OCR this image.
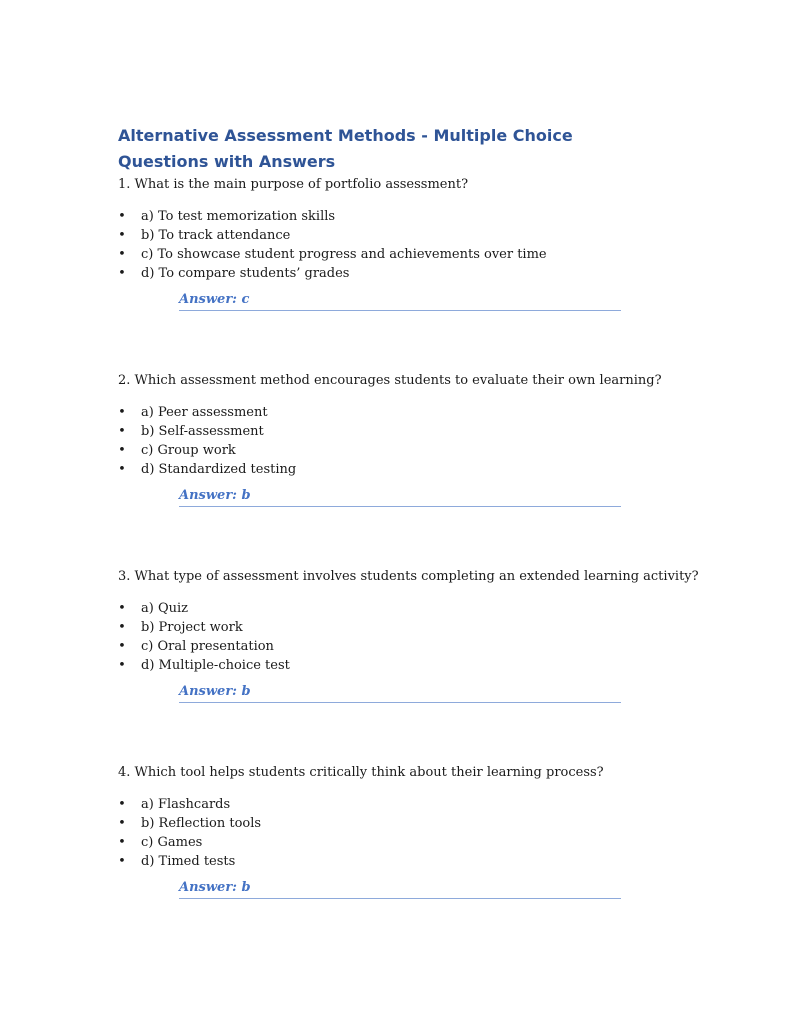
Alternative Assessment Methods - Multiple Choice Questions with Answers
1. What is the main purpose of portfolio assessment?
• a) To test memorization skills
• b) To track attendance
• c) To showcase student progress and achievements over time
• d) To compare students’ grades
Answer: c
2. Which assessment method encourages students to evaluate their own learning?
• a) Peer assessment
• b) Self-assessment
• c) Group work
• d) Standardized testing
Answer: b
3. What type of assessment involves students completing an extended learning activity?
• a) Quiz
• b) Project work
• c) Oral presentation
• d) Multiple-choice test
Answer: b
4. Which tool helps students critically think about their learning process?
• a) Flashcards
• b) Reflection tools
• c) Games
• d) Timed tests
Answer: b
